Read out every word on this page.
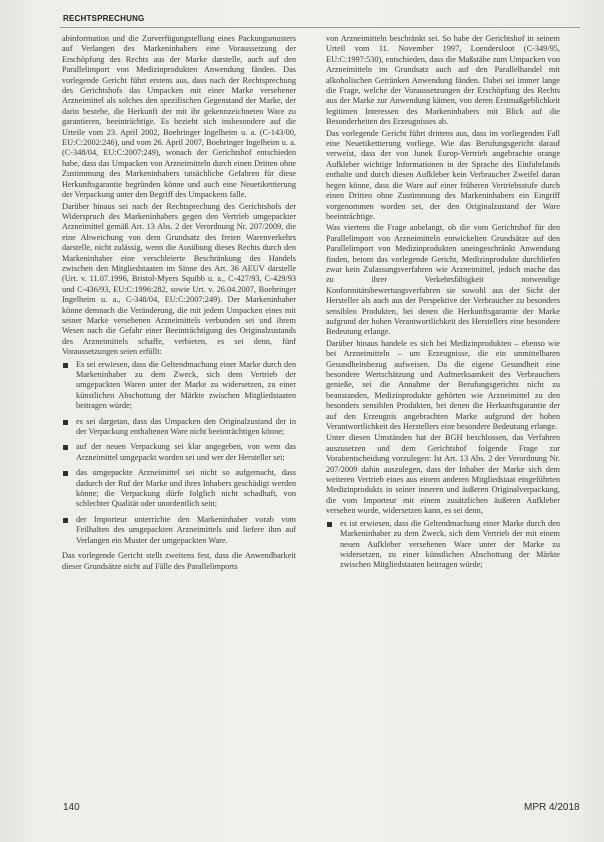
RECHTSPRECHUNG

abinformation und die Zurverfügungstellung eines Packungsmusters auf Verlangen des Markeninhabers eine Voraussetzung der Erschöpfung des Rechts aus der Marke darstelle, auch auf den Parallelimport von Medizinprodukten Anwendung fänden. Das vorlegende Gericht führt erstens aus, dass nach der Rechtsprechung des Gerichtshofs das Umpacken mit einer Marke versehener Arzneimittel als solches den spezifischen Gegenstand der Marke, der darin bestehe, die Herkunft der mit ihr gekennzeichneten Ware zu garantieren, beeinträchtige. Es bezieht sich insbesondere auf die Urteile vom 23. April 2002, Boehringer Ingelheim u. a. (C-143/00, EU:C:2002:246), und vom 26. April 2007, Boehringer Ingelheim u. a. (C-348/04, EU:C:2007:249), wonach der Gerichtshof entschieden habe, dass das Umpacken von Arzneimitteln durch einen Dritten ohne Zustimmung des Markeninhabers tatsächliche Gefahren für diese Herkunftsgarantie begründen könne und auch eine Neuetikettierung der Verpackung unter den Begriff des Umpackens falle.

Darüber hinaus sei nach der Rechtsprechung des Gerichtshofs der Widerspruch des Markeninhabers gegen den Vertrieb umgepackter Arzneimittel gemäß Art. 13 Abs. 2 der Verordnung Nr. 207/2009, die eine Abweichung von dem Grundsatz des freien Warenverkehrs darstelle, nicht zulässig, wenn die Ausübung dieses Rechts durch den Markeninhaber eine verschleierte Beschränkung des Handels zwischen den Mitgliedstaaten im Sinne des Art. 36 AEUV darstelle (Urt. v. 11.07.1996, Bristol-Myers Squibb u. a., C-427/93, C-429/93 und C-436/93, EU:C:1996:282, sowie Urt. v. 26.04.2007, Boehringer Ingelheim u. a., C-348/04, EU:C:2007:249). Der Markeninhaber könne demnach die Veränderung, die mit jedem Umpacken eines mit seiner Marke versehenen Arzneimittels verbunden sei und ihrem Wesen nach die Gefahr einer Beeinträchtigung des Originalzustands des Arzneimittels schaffe, verbieten, es sei denn, fünf Voraussetzungen seien erfüllt:

Es sei erwiesen, dass die Geltendmachung einer Marke durch den Markeninhaber zu dem Zweck, sich dem Vertrieb der umgepackten Waren unter der Marke zu widersetzen, zu einer künstlichen Abschottung der Märkte zwischen Mitgliedstaaten beitragen würde;
es sei dargetan, dass das Umpacken den Originalzustand der in der Verpackung enthaltenen Ware nicht beeinträchtigen könne;
auf der neuen Verpackung sei klar angegeben, von wem das Arzneimittel umgepackt worden sei und wer der Hersteller sei;
das umgepackte Arzneimittel sei nicht so aufgemacht, dass dadurch der Ruf der Marke und ihres Inhabers geschädigt werden könne; die Verpackung dürfe folglich nicht schadhaft, von schlechter Qualität oder unordentlich sein;
der Importeur unterrichte den Markeninhaber vorab vom Feilhalten des umgepackten Arzneimittels und liefere ihm auf Verlangen ein Muster der umgepackten Ware.

Das vorlegende Gericht stellt zweitens fest, dass die Anwendbarkeit dieser Grundsätze nicht auf Fälle des Parallelimports

von Arzneimitteln beschränkt sei. So habe der Gerichtshof in seinem Urteil vom 11. November 1997, Loendersloot (C-349/95, EU:C:1997:530), entschieden, dass die Maßstäbe zum Umpacken von Arzneimitteln im Grundsatz auch auf den Parallelhandel mit alkoholischen Getränken Anwendung fänden. Dabei sei immer lange die Frage, welche der Voraussetzungen der Erschöpfung des Rechts aus der Marke zur Anwendung kämen, von deren Erstmaßgeblichkeit legitimen Interessen des Markeninhabers mit Blick auf die Besonderheiten des Erzeugnisses ab.

Das vorlegende Gericht führt drittens aus, dass im vorliegenden Fall eine Neuetikettierung vorliege. Wie das Berufungsgericht darauf verweist, dass der von Junek Europ-Vertrieb angebrachte orange Aufkleber wichtige Informationen in der Sprache des Einfuhrlands enthalte und durch diesen Aufkleber kein Verbraucher Zweifel daran hegen könne, dass die Ware auf einer früheren Vertriebsstufe durch einen Dritten ohne Zustimmung des Markeninhabers ein Eingriff vorgenommen worden sei, der den Originalzustand der Ware beeinträchtige.

Was viertens die Frage anbelangt, ob die vom Gerichtshof für den Parallelimport von Arzneimitteln entwickelten Grundsätze auf den Parallelimport von Medizinprodukten uneingeschränkt Anwendung finden, betont das vorlegende Gericht, Medizinprodukte durchliefen zwar kein Zulassungsverfahren wie Arzneimittel, jedoch mache das zu ihrer Verkehrsfähigkeit notwendige Konformitätsbewertungsverfahren sie sowohl aus der Sicht der Hersteller als auch aus der Perspektive der Verbraucher zu besonders sensiblen Produkten, bei denen die Herkunftsgarantie der Marke aufgrund der hohen Verantwortlichkeit des Herstellers eine besondere Bedeutung erlange.

Darüber hinaus handele es sich bei Medizinprodukten – ebenso wie bei Arzneimitteln – um Erzeugnisse, die ein unmittelbaren Gesundheitsbezug aufweisen. Da die eigene Gesundheit eine besondere Wertschätzung und Aufmerksamkeit des Verbrauchers genieße, sei die Annahme der Berufungsgerichts nicht zu beanstanden, Medizinprodukte gehörten wie Arzneimittel zu den besonders sensiblen Produkten, bei denen die Herkunftsgarantie der auf den Erzeugnis angebrachten Marke aufgrund der hohen Verantwortlichkeit des Herstellers eine besondere Bedeutung erlange.

Unter diesen Umständen hat der BGH beschlossen, das Verfahren auszusetzen und dem Gerichtshof folgende Frage zur Vorabentscheidung vorzulegen: Ist Art. 13 Abs. 2 der Verordnung Nr. 207/2009 dahin auszulegen, dass der Inhaber der Marke sich dem weiteren Vertrieb eines aus einem anderen Mitgliedstaat eingeführten Medizinprodukts in seiner inneren und äußeren Originalverpackung, die vom Importeur mit einem zusätzlichen äußeren Aufkleber versehen wurde, widersetzen kann, es sei denn,

es ist erwiesen, dass die Geltendmachung einer Marke durch den Markeninhaber zu dem Zweck, sich dem Vertrieb der mit einem neuen Aufkleber versehenen Ware unter der Marke zu widersetzen, zu einer künstlichen Abschottung der Märkte zwischen Mitgliedstaaten beitragen würde;
140	MPR 4/2018
